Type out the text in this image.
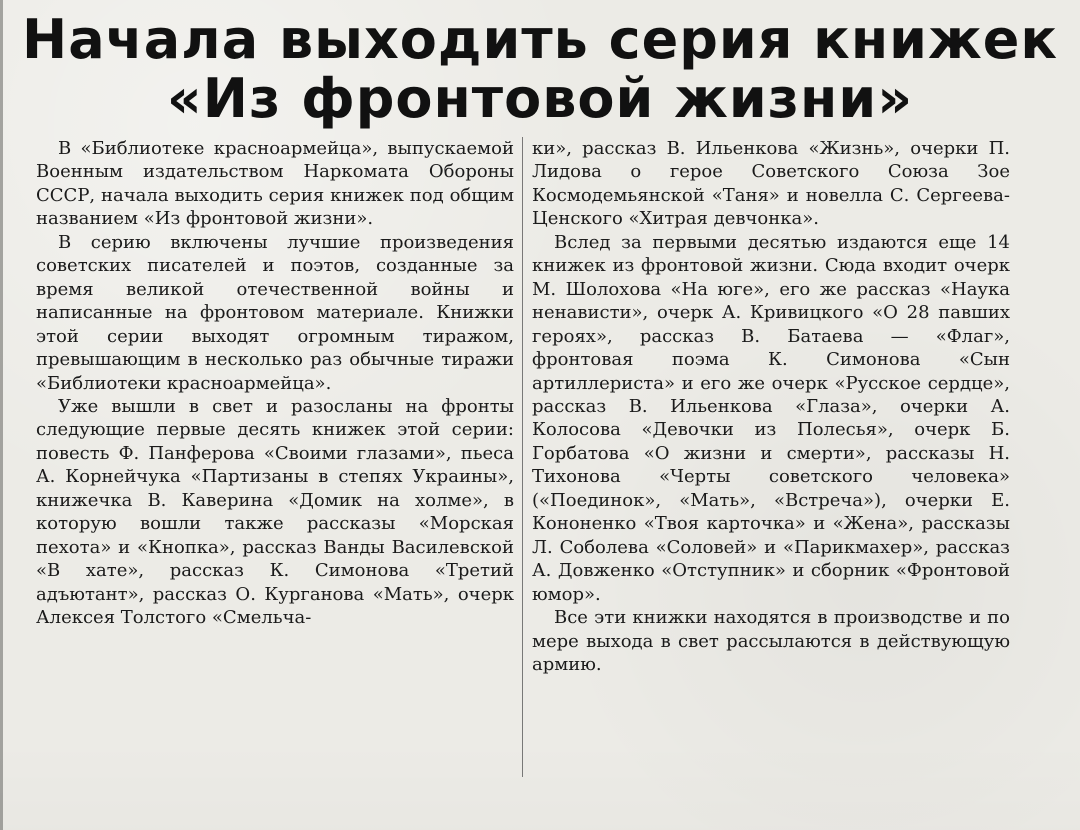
Начала выходить серия книжек
«Из фронтовой жизни»

В «Библиотеке красноармейца», выпускаемой Военным издательством Наркомата Обороны СССР, начала выходить серия книжек под общим названием «Из фронтовой жизни».

В серию включены лучшие произведения советских писателей и поэтов, созданные за время великой отечественной войны и написанные на фронтовом материале. Книжки этой серии выходят огромным тиражом, превышающим в несколько раз обычные тиражи «Библиотеки красноармейца».

Уже вышли в свет и разосланы на фронты следующие первые десять книжек этой серии: повесть Ф. Панферова «Своими глазами», пьеса А. Корнейчука «Партизаны в степях Украины», книжечка В. Каверина «Домик на холме», в которую вошли также рассказы «Морская пехота» и «Кнопка», рассказ Ванды Василевской «В хате», рассказ К. Симонова «Третий адъютант», рассказ О. Курганова «Мать», очерк Алексея Толстого «Смельча-

ки», рассказ В. Ильенкова «Жизнь», очерки П. Лидова о герое Советского Союза Зое Космодемьянской «Таня» и новелла С. Сергеева-Ценского «Хитрая девчонка».

Вслед за первыми десятью издаются еще 14 книжек из фронтовой жизни. Сюда входит очерк М. Шолохова «На юге», его же рассказ «Наука ненависти», очерк А. Кривицкого «О 28 павших героях», рассказ В. Батаева — «Флаг», фронтовая поэма К. Симонова «Сын артиллериста» и его же очерк «Русское сердце», рассказ В. Ильенкова «Глаза», очерки А. Колосова «Девочки из Полесья», очерк Б. Горбатова «О жизни и смерти», рассказы Н. Тихонова «Черты советского человека» («Поединок», «Мать», «Встреча»), очерки Е. Кононенко «Твоя карточка» и «Жена», рассказы Л. Соболева «Соловей» и «Парикмахер», рассказ А. Довженко «Отступник» и сборник «Фронтовой юмор».

Все эти книжки находятся в производстве и по мере выхода в свет рассылаются в действующую армию.
